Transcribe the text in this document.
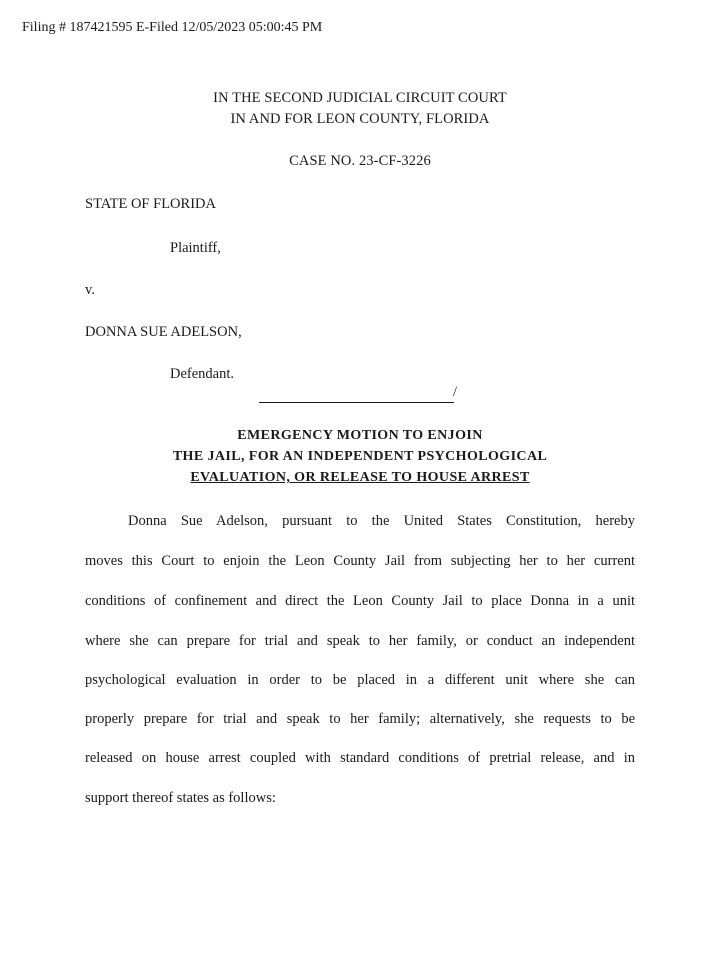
Filing # 187421595 E-Filed 12/05/2023 05:00:45 PM
IN THE SECOND JUDICIAL CIRCUIT COURT
IN AND FOR LEON COUNTY, FLORIDA
CASE NO. 23-CF-3226
STATE OF FLORIDA
Plaintiff,
v.
DONNA SUE ADELSON,
Defendant.
/
EMERGENCY MOTION TO ENJOIN
THE JAIL, FOR AN INDEPENDENT PSYCHOLOGICAL
EVALUATION, OR RELEASE TO HOUSE ARREST
Donna Sue Adelson, pursuant to the United States Constitution, hereby
moves this Court to enjoin the Leon County Jail from subjecting her to her current
conditions of confinement and direct the Leon County Jail to place Donna in a unit
where she can prepare for trial and speak to her family, or conduct an independent
psychological evaluation in order to be placed in a different unit where she can
properly prepare for trial and speak to her family; alternatively, she requests to be
released on house arrest coupled with standard conditions of pretrial release, and in
support thereof states as follows:
